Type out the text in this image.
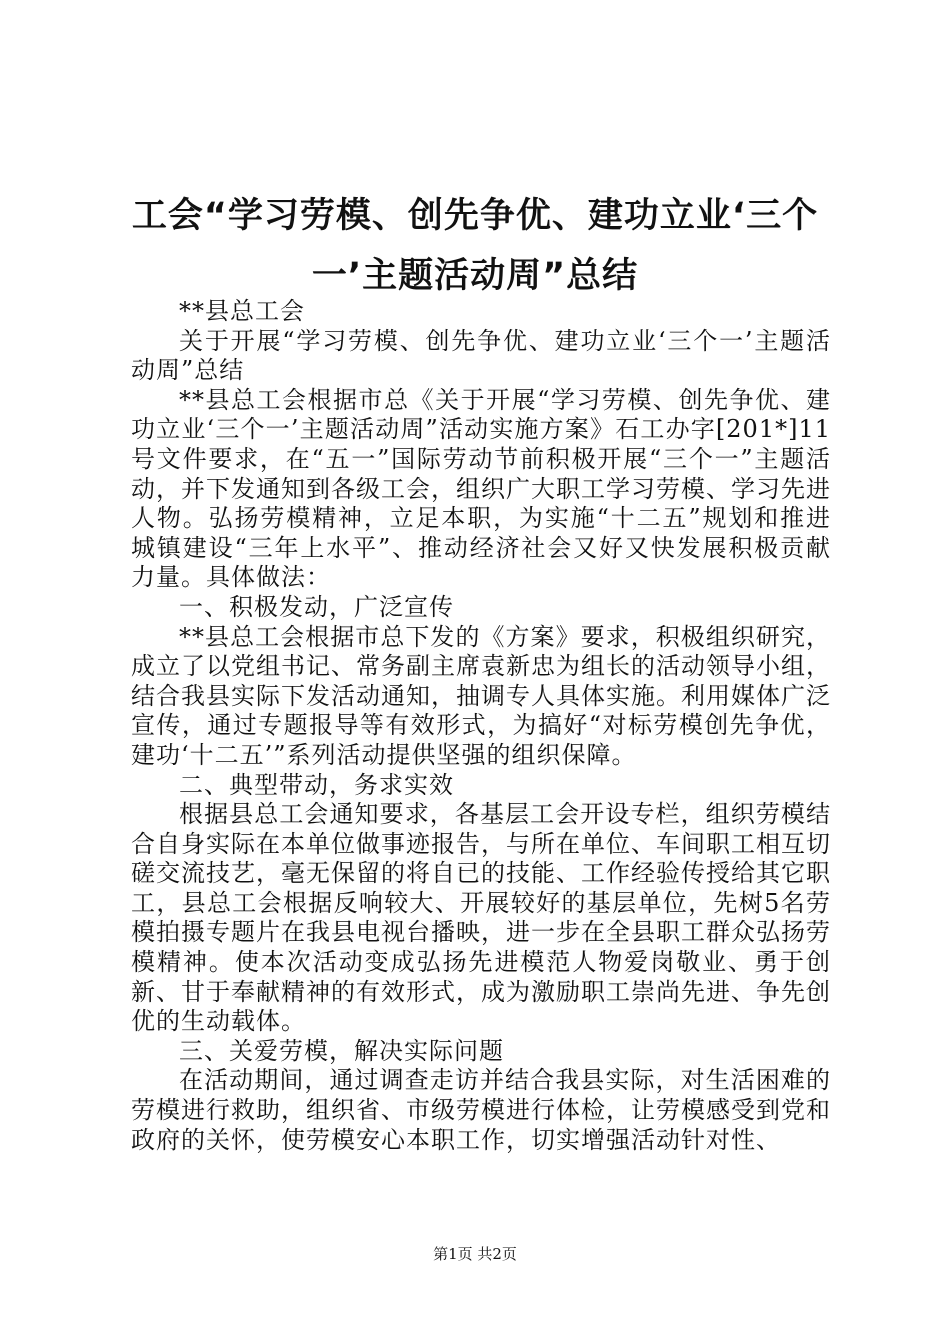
工会“学习劳模、创先争优、建功立业‘三个
一’主题活动周”总结

**县总工会

关于开展“学习劳模、创先争优、建功立业‘三个一’主题活动周”总结

**县总工会根据市总《关于开展“学习劳模、创先争优、建功立业‘三个一’主题活动周”活动实施方案》石工办字[201*]11号文件要求，在“五一”国际劳动节前积极开展“三个一”主题活动，并下发通知到各级工会，组织广大职工学习劳模、学习先进人物。弘扬劳模精神，立足本职，为实施“十二五”规划和推进城镇建设“三年上水平”、推动经济社会又好又快发展积极贡献力量。具体做法：

一、积极发动，广泛宣传

**县总工会根据市总下发的《方案》要求，积极组织研究，成立了以党组书记、常务副主席袁新忠为组长的活动领导小组，结合我县实际下发活动通知，抽调专人具体实施。利用媒体广泛宣传，通过专题报导等有效形式，为搞好“对标劳模创先争优，建功‘十二五’”系列活动提供坚强的组织保障。

二、典型带动，务求实效

根据县总工会通知要求，各基层工会开设专栏，组织劳模结合自身实际在本单位做事迹报告，与所在单位、车间职工相互切磋交流技艺，毫无保留的将自已的技能、工作经验传授给其它职工，县总工会根据反响较大、开展较好的基层单位，先树5名劳模拍摄专题片在我县电视台播映，进一步在全县职工群众弘扬劳模精神。使本次活动变成弘扬先进模范人物爱岗敬业、勇于创新、甘于奉献精神的有效形式，成为激励职工崇尚先进、争先创优的生动载体。

三、关爱劳模，解决实际问题

在活动期间，通过调查走访并结合我县实际，对生活困难的劳模进行救助，组织省、市级劳模进行体检，让劳模感受到党和政府的关怀，使劳模安心本职工作，切实增强活动针对性、

第1页 共2页
